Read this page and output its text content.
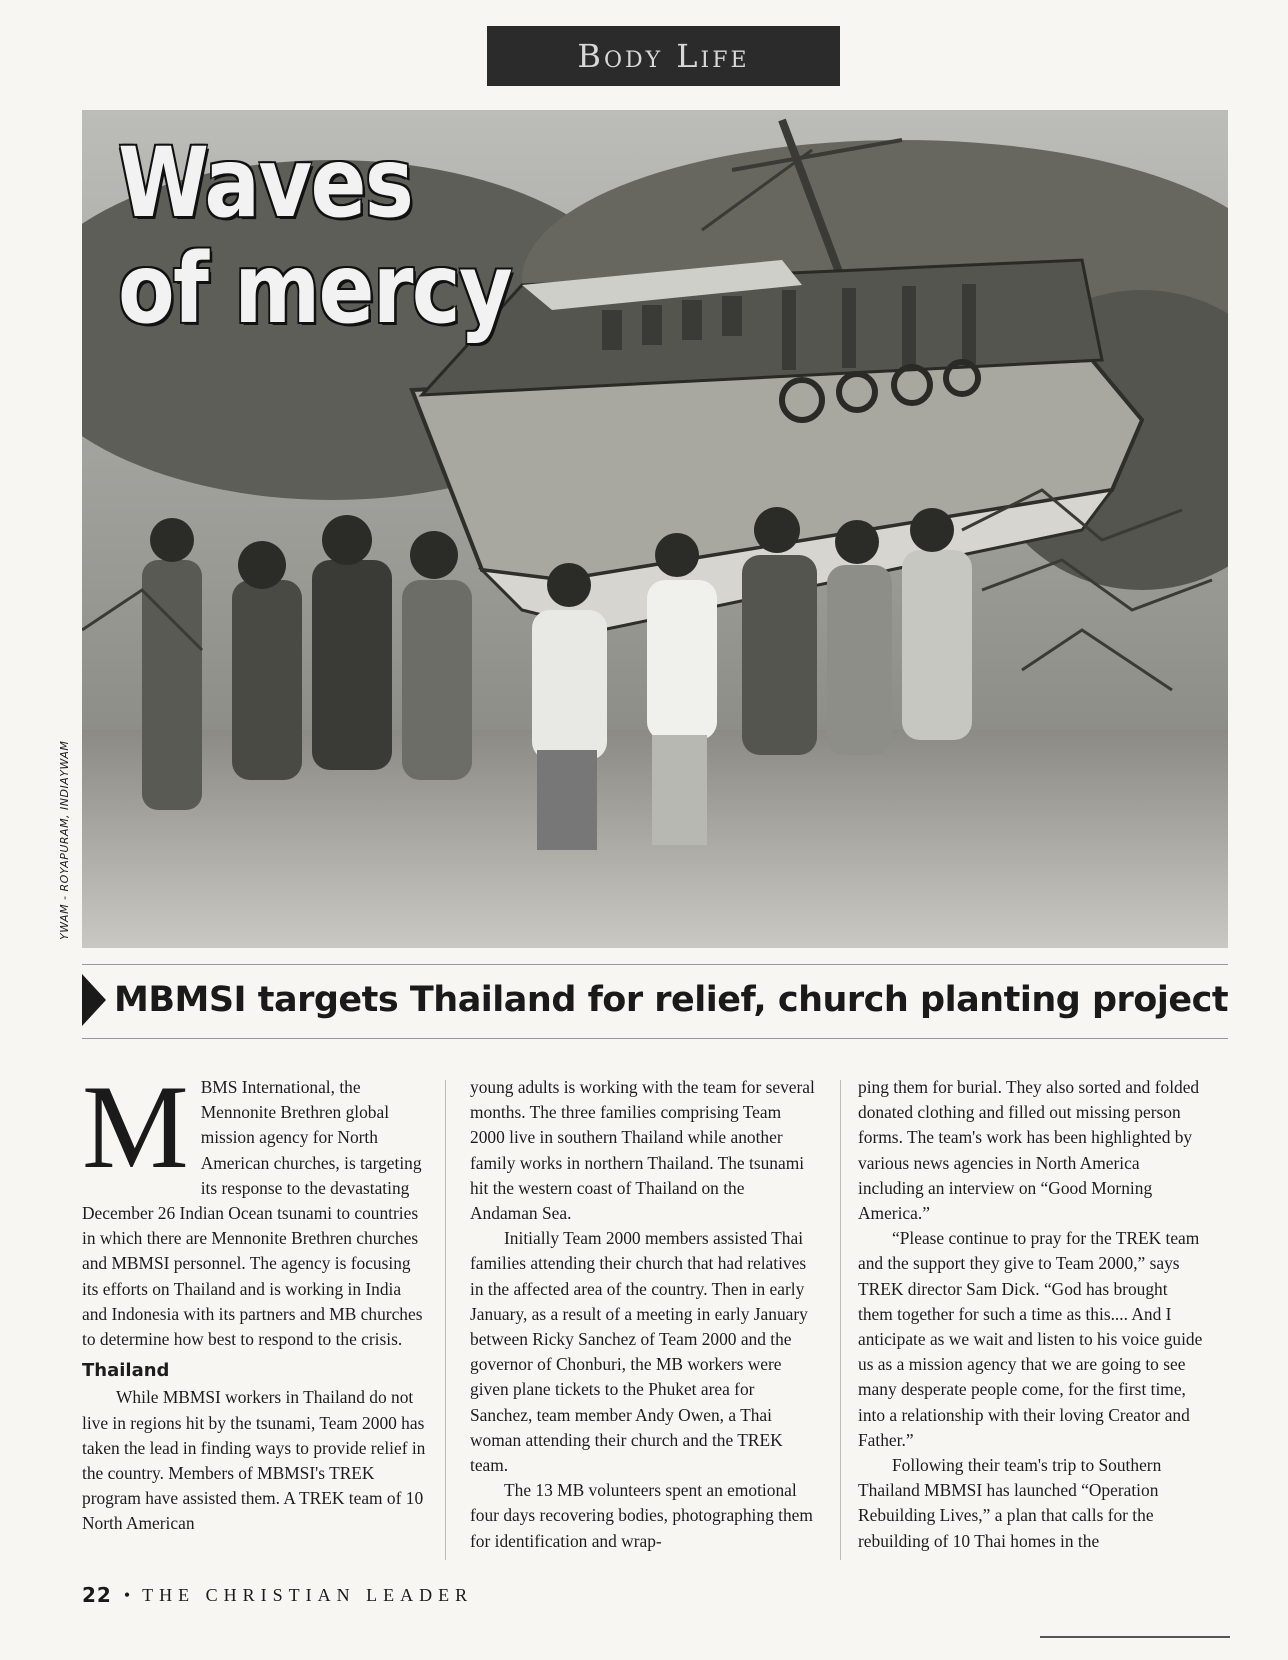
Body Life
Waves
of mercy
YWAM - ROYAPURAM, INDIAYWAM
MBMSI targets Thailand for relief, church planting project
M BMS International, the Mennonite Brethren global mission agency for North American churches, is targeting its response to the devastating December 26 Indian Ocean tsunami to countries in which there are Mennonite Brethren churches and MBMSI personnel. The agency is focusing its efforts on Thailand and is working in India and Indonesia with its partners and MB churches to determine how best to respond to the crisis.

Thailand

While MBMSI workers in Thailand do not live in regions hit by the tsunami, Team 2000 has taken the lead in finding ways to provide relief in the country. Members of MBMSI's TREK program have assisted them. A TREK team of 10 North American

young adults is working with the team for several months. The three families comprising Team 2000 live in southern Thailand while another family works in northern Thailand. The tsunami hit the western coast of Thailand on the Andaman Sea.

Initially Team 2000 members assisted Thai families attending their church that had relatives in the affected area of the country. Then in early January, as a result of a meeting in early January between Ricky Sanchez of Team 2000 and the governor of Chonburi, the MB workers were given plane tickets to the Phuket area for Sanchez, team member Andy Owen, a Thai woman attending their church and the TREK team.

The 13 MB volunteers spent an emotional four days recovering bodies, photographing them for identification and wrap-

ping them for burial. They also sorted and folded donated clothing and filled out missing person forms. The team's work has been highlighted by various news agencies in North America including an interview on “Good Morning America.”

“Please continue to pray for the TREK team and the support they give to Team 2000,” says TREK director Sam Dick. “God has brought them together for such a time as this.... And I anticipate as we wait and listen to his voice guide us as a mission agency that we are going to see many desperate people come, for the first time, into a relationship with their loving Creator and Father.”

Following their team's trip to Southern Thailand MBMSI has launched “Operation Rebuilding Lives,” a plan that calls for the rebuilding of 10 Thai homes in the

22 • THE CHRISTIAN LEADER
